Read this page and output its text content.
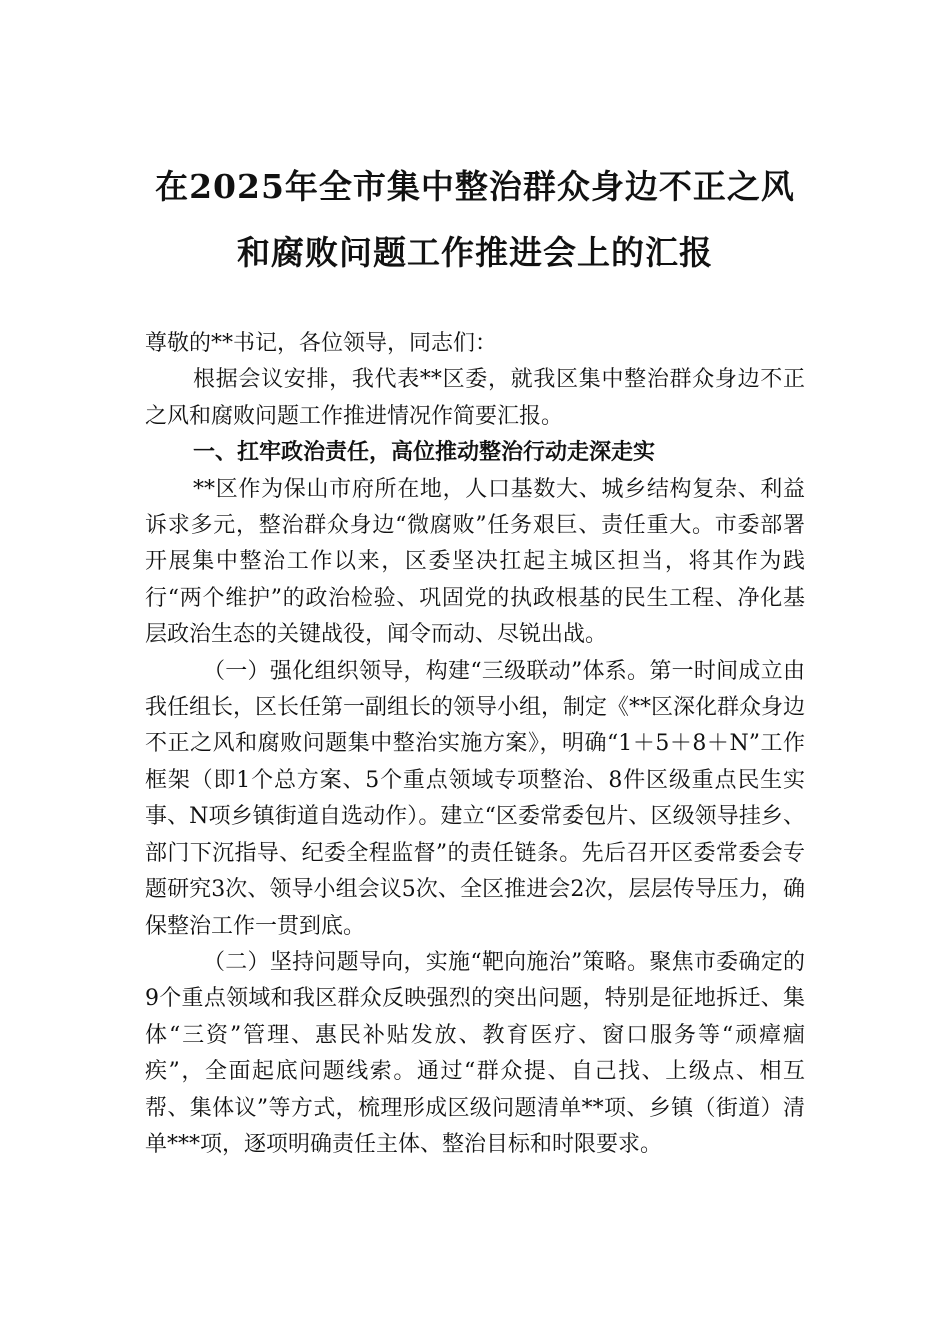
在2025年全市集中整治群众身边不正之风
和腐败问题工作推进会上的汇报

尊敬的**书记，各位领导，同志们：

根据会议安排，我代表**区委，就我区集中整治群众身边不正之风和腐败问题工作推进情况作简要汇报。

一、扛牢政治责任，高位推动整治行动走深走实

**区作为保山市府所在地，人口基数大、城乡结构复杂、利益诉求多元，整治群众身边“微腐败”任务艰巨、责任重大。市委部署开展集中整治工作以来，区委坚决扛起主城区担当，将其作为践行“两个维护”的政治检验、巩固党的执政根基的民生工程、净化基层政治生态的关键战役，闻令而动、尽锐出战。

（一）强化组织领导，构建“三级联动”体系。第一时间成立由我任组长，区长任第一副组长的领导小组，制定《**区深化群众身边不正之风和腐败问题集中整治实施方案》，明确“1＋5＋8＋N”工作框架（即1个总方案、5个重点领域专项整治、8件区级重点民生实事、N项乡镇街道自选动作）。建立“区委常委包片、区级领导挂乡、部门下沉指导、纪委全程监督”的责任链条。先后召开区委常委会专题研究3次、领导小组会议5次、全区推进会2次，层层传导压力，确保整治工作一贯到底。

（二）坚持问题导向，实施“靶向施治”策略。聚焦市委确定的9个重点领域和我区群众反映强烈的突出问题，特别是征地拆迁、集体“三资”管理、惠民补贴发放、教育医疗、窗口服务等“顽瘴痼疾”，全面起底问题线索。通过“群众提、自己找、上级点、相互帮、集体议”等方式，梳理形成区级问题清单**项、乡镇（街道）清单***项，逐项明确责任主体、整治目标和时限要求。
